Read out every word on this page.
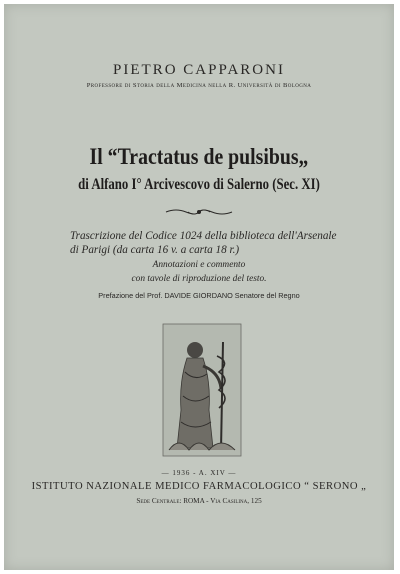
PIETRO CAPPARONI
Professore di Storia della Medicina nella R. Università di Bologna
Il “Tractatus de pulsibus„
di Alfano I° Arcivescovo di Salerno (Sec. XI)
Trascrizione del Codice 1024 della biblioteca dell'Arsenale
di Parigi (da carta 16 v. a carta 18 r.)
Annotazioni e commento
con tavole di riproduzione del testo.
Prefazione del Prof. DAVIDE GIORDANO Senatore del Regno
— 1936 - A. XIV —
ISTITUTO NAZIONALE MEDICO FARMACOLOGICO “ SERONO „
Sede Centrale: ROMA - Via Casilina, 125
